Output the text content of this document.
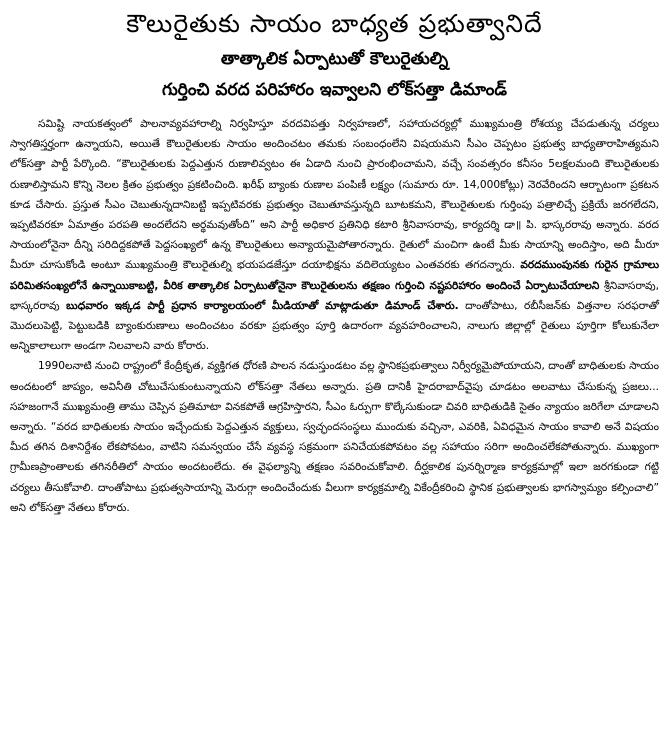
కౌలురైతుకు సాయం బాధ్యత ప్రభుత్వానిదే
తాత్కాలిక ఏర్పాటుతో కౌలురైతుల్ని
గుర్తించి వరద పరిహారం ఇవ్వాలని లోక్‌సత్తా డిమాండ్

సమిష్టి నాయకత్వంలో పాలనావ్యవహారాల్ని నిర్వహిస్తూ వరదవిపత్తు నిర్వహణలో, సహాయచర్యల్లో ముఖ్యమంత్రి రోశయ్య చేపడుతున్న చర్యలు స్వాగతిస్తర్హంగా ఉన్నాయని, అయితే కౌలురైతులకు సాయం అందించటం తమకు సంబంధంలేని విషయమని సీఎం చెప్పటం ప్రభుత్వ బాధ్యతారాహిత్యమని లోక్‌సత్తా పార్టీ పేర్కొంది. “కౌలురైతులకు పెద్దఎత్తున రుణాలివ్వటం ఈ ఏడాది నుంచి ప్రారంభించామని, వచ్చే సంవత్సరం కనీసం 5లక్షలమంది కౌలురైతులకు రుణాలిస్తామని కొన్ని నెలల క్రితం ప్రభుత్వం ప్రకటించింది. ఖరీఫ్ బ్యాంకు రుణాల పంపిణీ లక్ష్యం (సుమారు రూ. 14,000కోట్లు) నెరవేరిందని ఆర్బాటంగా ప్రకటన కూడ చేసారు. ప్రస్తుత సీఎం చెబుతున్నదానిబట్టి ఇప్పటివరకు ప్రభుత్వం చెబుతూవస్తున్నది బూటకమని, కౌలురైతులకు గుర్తింపు పత్రాలిచ్చే ప్రక్రియే జరగలేదని, ఇప్పటివరకూ ఏమాత్రం పరపతి అందలేదని అర్థమవుతోంది” అని పార్టీ అధికార ప్రతినిధి కటారి శ్రీనివాసరావు, కార్యదర్శి డా॥ పి. భాస్కరరావు అన్నారు. వరద సాయంలోనైనా దీన్ని సరిదిద్దకపోతే పెద్దసంఖ్యలో ఉన్న కౌలురైతులు అన్యాయమైపోతారన్నారు. రైతులో మంచిగా ఉంటే మీకు సాయాన్ని అందిస్తాం, అది మీరూ మీరూ చూసుకోండి అంటూ ముఖ్యమంత్రి కౌలురైతుల్ని భయపడజేస్తూ దయాభిక్షను వదిలెయ్యటం ఎంతవరకు తగదన్నారు. వరదముంపునకు గురైన గ్రామాలు పరిమితసంఖ్యలోనే ఉన్నాయికాబట్టి, వీరిక తాత్కాలిక ఏర్పాటుతోనైనా కౌలురైతులను తక్షణం గుర్తించి నష్టపరిహారం అందించే ఏర్పాటుచేయాలని శ్రీనివాసరావు, భాస్కరరావు బుధవారం ఇక్కడ పార్టీ ప్రధాన కార్యాలయంలో మీడియాతో మాట్లాడుతూ డిమాండ్ చేశారు. దాంతోపాటు, రబీసీజన్‌కు విత్తనాల సరఫరాతో మొదలుపెట్టి, పెట్టుబడికి బ్యాంకురుణాలు అందించటం వరకూ ప్రభుత్వం పూర్తి ఉదారంగా వ్యవహరించాలని, నాలుగు జిల్లాల్లో రైతులు పూర్తిగా కోలుకునేలా అన్నికాలాలుగా అండగా నిలవాలని వారు కోరారు.

1990లనాటి నుంచి రాష్ట్రంలో కేంద్రీకృత, వ్యక్తిగత ధోరణి పాలన నడుస్తుండటం వల్ల స్థానికప్రభుత్వాలు నిర్వీర్యమైపోయాయని, దాంతో బాధితులకు సాయం అందటంలో జాప్యం, అవినీతి చోటుచేసుకుంటున్నాయని లోక్‌సత్తా నేతలు అన్నారు. ప్రతి దానికీ హైదరాబాద్‌వైపు చూడటం అలవాటు చేసుకున్న ప్రజలు... సహజంగానే ముఖ్యమంత్రి తాము చెప్పిన ప్రతిమాటా వినకపోతే ఆగ్రహిస్తారని, సీఎం ఓర్పుగా కొల్కేసుకుండా చివరి బాధితుడికి సైతం న్యాయం జరిగేలా చూడాలని అన్నారు. “వరద బాధితులకు సాయం ఇచ్చేందుకు పెద్దఎత్తున వ్యక్తులు, స్వచ్ఛందసంస్థలు ముందుకు వచ్చినా, ఎవరికి, ఏవిధమైన సాయం కావాలి అనే విషయం మీద తగిన దిశానిర్దేశం లేకపోవటం, వాటిని సమన్వయం చేసే వ్యవస్థ సక్రమంగా పనిచేయకపోవటం వల్ల సహాయం సరిగా అందించలేకపోతున్నారు. ముఖ్యంగా గ్రామీణప్రాంతాలకు తగినరీతిలో సాయం అందటంలేదు. ఈ వైఫల్యాన్ని తక్షణం సవరించుకోవాలి. దీర్ఘకాలిక పునర్నిర్మాణ కార్యక్రమాల్లో ఇలా జరగకుండా గట్టి చర్యలు తీసుకోవాలి. దాంతోపాటు ప్రభుత్వసాయాన్ని మెరుగ్గా అందించేందుకు వీలుగా కార్యక్రమాల్ని వికేంద్రీకరించి స్థానిక ప్రభుత్వాలకు భాగస్వామ్యం కల్పించాలి” అని లోక్‌సత్తా నేతలు కోరారు.
